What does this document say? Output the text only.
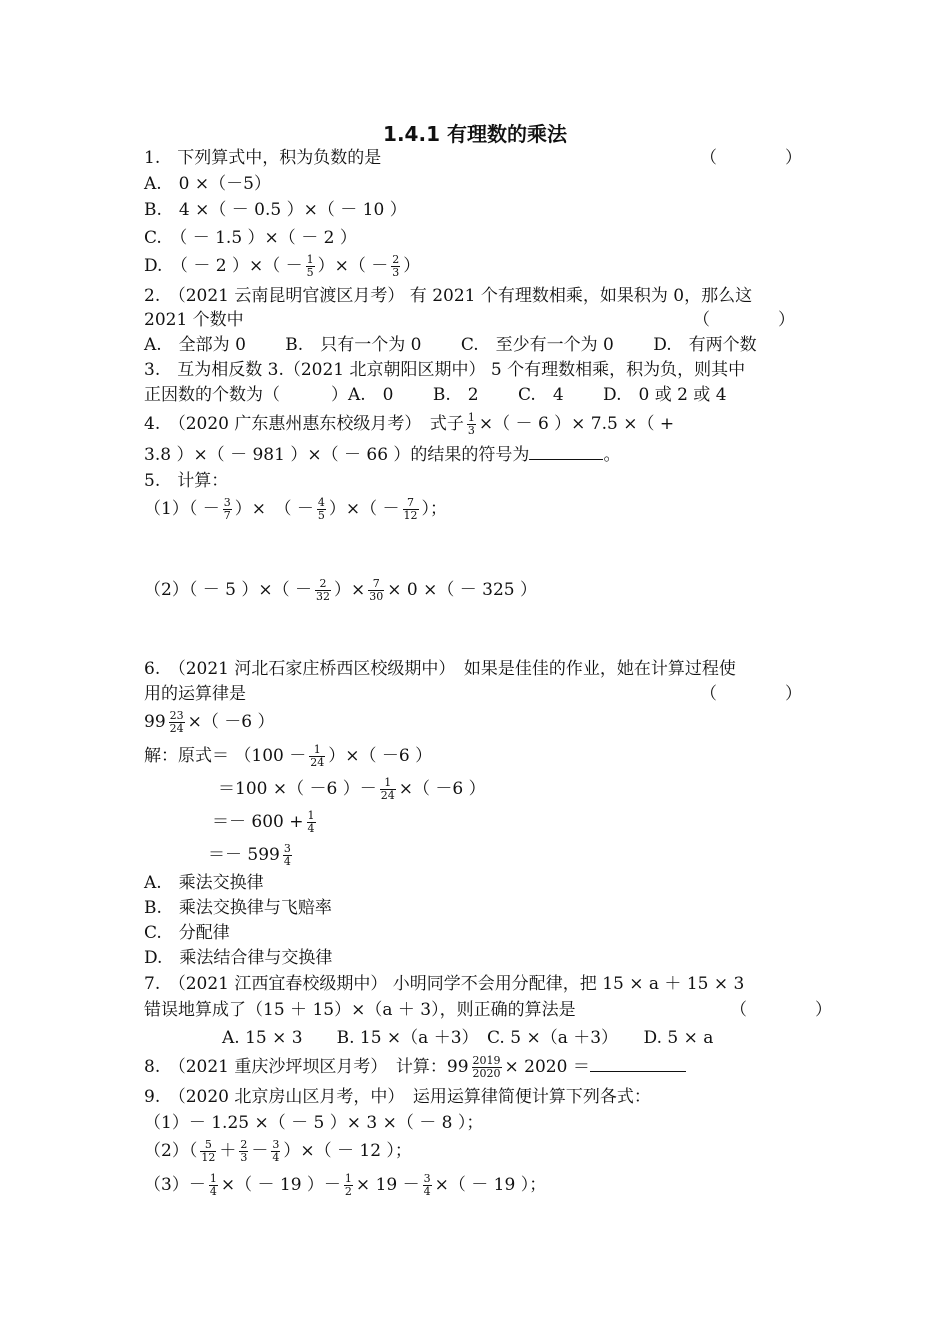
1.4.1 有理数的乘法
1.　下列算式中，积为负数的是	（　　　　）
A.　0 ×（－5）
B.　4 ×（ － 0.5 ）×（ － 10 ）
C.　（ － 1.5 ）×（ － 2 ）
D.　（ － 2 ）×（ － $\frac{1}{5}$ ）×（ － $\frac{2}{3}$ ）
2.　（2021 云南昆明官渡区月考） 有 2021 个有理数相乘，如果积为 0，那么这
2021 个数中	（　　　　）
A.　全部为 0　　 B.　只有一个为 0　　 C.　至少有一个为 0　　 D.　有两个数
3.　互为相反数 3.（2021 北京朝阳区期中） 5 个有理数相乘，积为负，则其中
正因数的个数为（　　　）A.　0　　 B.　2　　 C.　4　　 D.　0 或 2 或 4
4.　（2020 广东惠州惠东校级月考）　式子 $\frac{1}{3}$ ×（ － 6 ）× 7.5 ×（ +
3.8 ）×（ － 981 ）×（ － 66 ）的结果的符号为	。
5.　计算：
$(1)( - \frac{3}{7}$ ）×　（ － $\frac{4}{5}$ ）×（ － $\frac{7}{12}$ ）；
（2）（ － 5 ）×（ － $\frac{2}{32}$ ）× $\frac{7}{30} \times 0$ ×（ － 325 ）
6.　（2021 河北石家庄桥西区校级期中）　如果是佳佳的作业，她在计算过程使
用的运算律是	（　　　　）
$99 \frac{23}{24}$ ×（ －6 ）
解：原式＝ （$100 - \frac{1}{24}$ ）×（ －6 ）
＝100 ×（ －6 ）－ $\frac{1}{24}$ ×（ －6 ）
＝－ $600 + \frac{1}{4}$
＝－ $599 \frac{3}{4}$
A.　乘法交换律
B.　乘法交换律与飞赔率
C.　分配律
D.　乘法结合律与交换律
7.　（2021 江西宜春校级期中） 小明同学不会用分配律，把 15 × a ＋ 15 × 3
错误地算成了（15 ＋ 15）×（a ＋ 3），则正确的算法是	（　　　　）
A. 15 × 3　　B. 15 ×（a ＋3）　C. 5 ×（a ＋3）　　D. 5 × a
8.　（2021 重庆沙坪坝区月考）　计算：$99 \frac{2019}{2020} \times 2020$ ＝
9.　（2020 北京房山区月考，中）　运用运算律简便计算下列各式：
（1）－ 1.25 ×（ － 5 ）× 3 ×（ － 8 ）；
$(2)( \frac{5}{12} + \frac{2}{3} - \frac{3}{4}$ ）×（ － 12 ）；
$(3)- \frac{1}{4}$ ×（ － 19 ）－ $\frac{1}{2} \times 19 - \frac{3}{4}$ ×（ － 19 ）；
